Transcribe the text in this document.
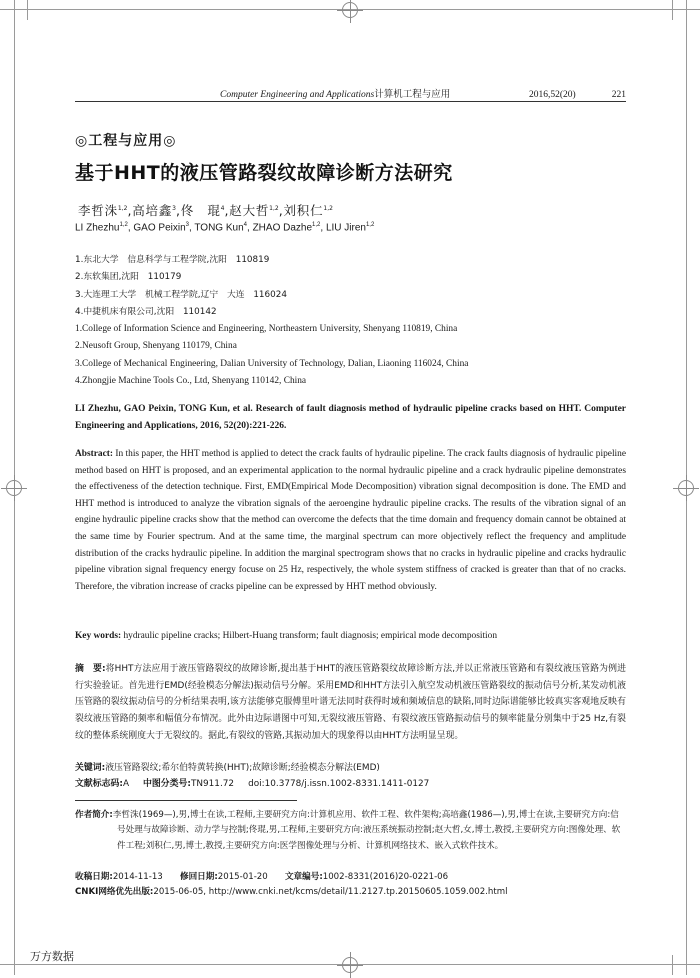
Computer Engineering and Applications计算机工程与应用	2016,52(20)	221
◎工程与应用◎
基于HHT的液压管路裂纹故障诊断方法研究
李哲洙$^{1,2}$,高培鑫$^3$,佟　琨$^4$,赵大哲$^{1,2}$,刘积仁$^{1,2}$
LI Zhezhu$^{1,2}$, GAO Peixin$^3$, TONG Kun$^4$, ZHAO Dazhe$^{1,2}$, LIU Jiren$^{1,2}$
1.东北大学　信息科学与工程学院,沈阳　110819
2.东软集团,沈阳　110179
3.大连理工大学　机械工程学院,辽宁　大连　116024
4.中捷机床有限公司,沈阳　110142
1.College of Information Science and Engineering, Northeastern University, Shenyang 110819, China
2.Neusoft Group, Shenyang 110179, China
3.College of Mechanical Engineering, Dalian University of Technology, Dalian, Liaoning 116024, China
4.Zhongjie Machine Tools Co., Ltd, Shenyang 110142, China
LI Zhezhu, GAO Peixin, TONG Kun, et al. Research of fault diagnosis method of hydraulic pipeline cracks based on HHT. Computer Engineering and Applications, 2016, 52(20):221-226.
Abstract: In this paper, the HHT method is applied to detect the crack faults of hydraulic pipeline. The crack faults diagnosis of hydraulic pipeline method based on HHT is proposed, and an experimental application to the normal hydraulic pipeline and a crack hydraulic pipeline demonstrates the effectiveness of the detection technique. First, EMD(Empirical Mode Decomposition) vibration signal decomposition is done. The EMD and HHT method is introduced to analyze the vibration signals of the aeroengine hydraulic pipeline cracks. The results of the vibration signal of an engine hydraulic pipeline cracks show that the method can overcome the defects that the time domain and frequency domain cannot be obtained at the same time by Fourier spectrum. And at the same time, the marginal spectrum can more objectively reflect the frequency and amplitude distribution of the cracks hydraulic pipeline. In addition the marginal spectrogram shows that no cracks in hydraulic pipeline and cracks hydraulic pipeline vibration signal frequency energy focuse on 25 Hz, respectively, the whole system stiffness of cracked is greater than that of no cracks. Therefore, the vibration increase of cracks pipeline can be expressed by HHT method obviously.
Key words: hydraulic pipeline cracks; Hilbert-Huang transform; fault diagnosis; empirical mode decomposition
摘　要:将HHT方法应用于液压管路裂纹的故障诊断,提出基于HHT的液压管路裂纹故障诊断方法,并以正常液压管路和有裂纹液压管路为例进行实验验证。首先进行EMD(经验模态分解法)振动信号分解。采用EMD和HHT方法引入航空发动机液压管路裂纹的振动信号分析,某发动机液压管路的裂纹振动信号的分析结果表明,该方法能够克服傅里叶谱无法同时获得时域和频域信息的缺陷,同时边际谱能够比较真实客观地反映有裂纹液压管路的频率和幅值分布情况。此外由边际谱图中可知,无裂纹液压管路、有裂纹液压管路振动信号的频率能量分别集中于25 Hz,有裂纹的整体系统刚度大于无裂纹的。据此,有裂纹的管路,其振动加大的现象得以由HHT方法明显呈现。
关键词:液压管路裂纹;希尔伯特黄转换(HHT);故障诊断;经验模态分解法(EMD)
文献标志码:A 中图分类号:TN911.72 doi:10.3778/j.issn.1002-8331.1411-0127
作者简介:李哲洙(1969—),男,博士在读,工程师,主要研究方向:计算机应用、软件工程、软件架构;高培鑫(1986—),男,博士在读,主要研究方向:信号处理与故障诊断、动力学与控制;佟琨,男,工程师,主要研究方向:液压系统振动控制;赵大哲,女,博士,教授,主要研究方向:图像处理、软件工程;刘积仁,男,博士,教授,主要研究方向:医学图像处理与分析、计算机网络技术、嵌入式软件技术。
收稿日期:2014-11-13　　 修回日期:2015-01-20　　 文章编号:1002-8331(2016)20-0221-06
CNKI网络优先出版:2015-06-05, http://www.cnki.net/kcms/detail/11.2127.tp.20150605.1059.002.html
万方数据
